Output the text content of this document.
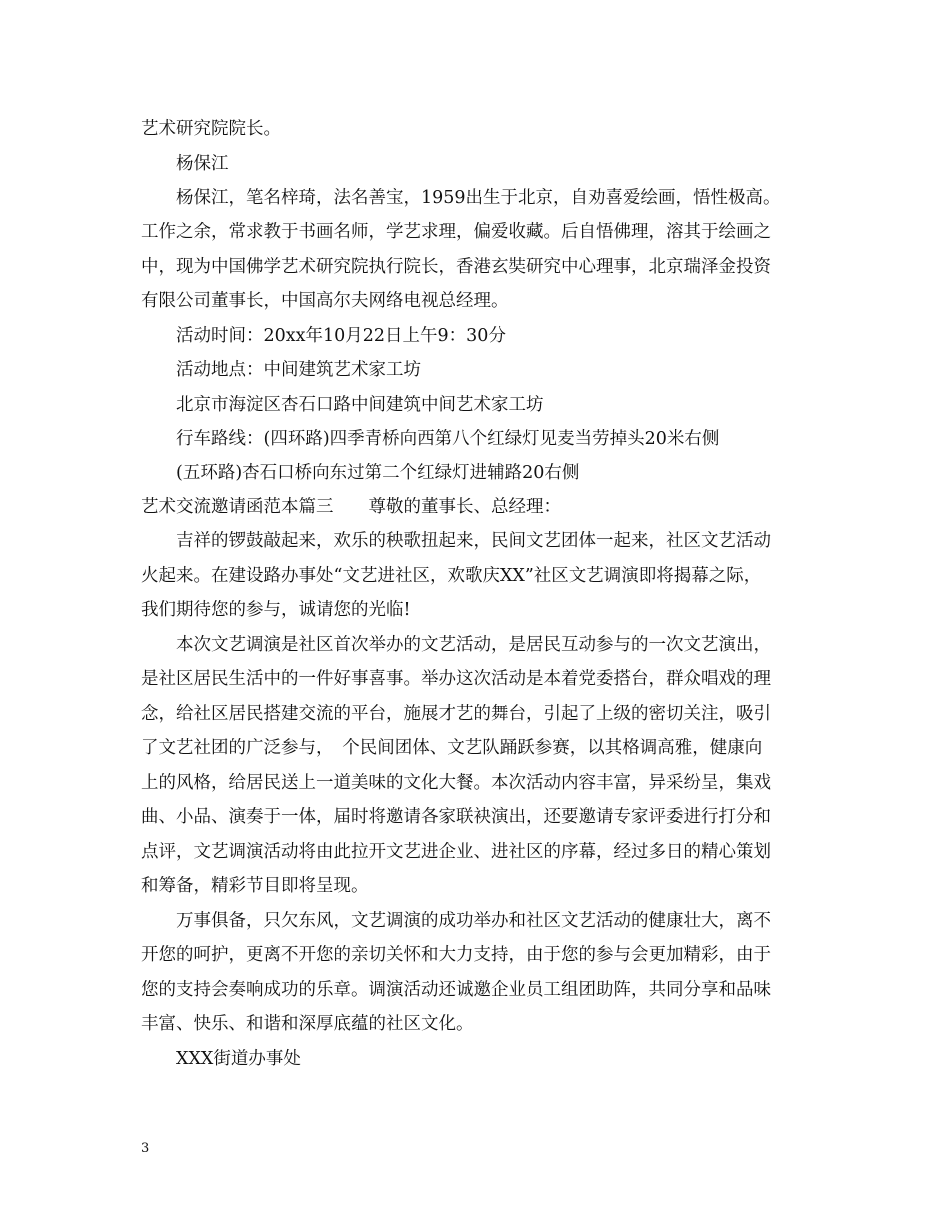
艺术研究院院长。
杨保江
杨保江，笔名梓琦，法名善宝，1959出生于北京，自劝喜爱绘画，悟性极高。
工作之余，常求教于书画名师，学艺求理，偏爱收藏。后自悟佛理，溶其于绘画之
中，现为中国佛学艺术研究院执行院长，香港玄奘研究中心理事，北京瑞泽金投资
有限公司董事长，中国高尔夫网络电视总经理。
活动时间：20xx年10月22日上午9：30分
活动地点：中间建筑艺术家工坊
北京市海淀区杏石口路中间建筑中间艺术家工坊
行车路线：(四环路)四季青桥向西第八个红绿灯见麦当劳掉头20米右侧
(五环路)杏石口桥向东过第二个红绿灯进辅路20右侧
艺术交流邀请函范本篇三　　尊敬的董事长、总经理：
吉祥的锣鼓敲起来，欢乐的秧歌扭起来，民间文艺团体一起来，社区文艺活动
火起来。在建设路办事处“文艺进社区，欢歌庆XX”社区文艺调演即将揭幕之际，
我们期待您的参与，诚请您的光临!
本次文艺调演是社区首次举办的文艺活动，是居民互动参与的一次文艺演出，
是社区居民生活中的一件好事喜事。举办这次活动是本着党委搭台，群众唱戏的理
念，给社区居民搭建交流的平台，施展才艺的舞台，引起了上级的密切关注，吸引
了文艺社团的广泛参与，　个民间团体、文艺队踊跃参赛，以其格调高雅，健康向
上的风格，给居民送上一道美味的文化大餐。本次活动内容丰富，异采纷呈，集戏
曲、小品、演奏于一体，届时将邀请各家联袂演出，还要邀请专家评委进行打分和
点评，文艺调演活动将由此拉开文艺进企业、进社区的序幕，经过多日的精心策划
和筹备，精彩节目即将呈现。
万事俱备，只欠东风，文艺调演的成功举办和社区文艺活动的健康壮大，离不
开您的呵护，更离不开您的亲切关怀和大力支持，由于您的参与会更加精彩，由于
您的支持会奏响成功的乐章。调演活动还诚邀企业员工组团助阵，共同分享和品味
丰富、快乐、和谐和深厚底蕴的社区文化。
XXX街道办事处
3
